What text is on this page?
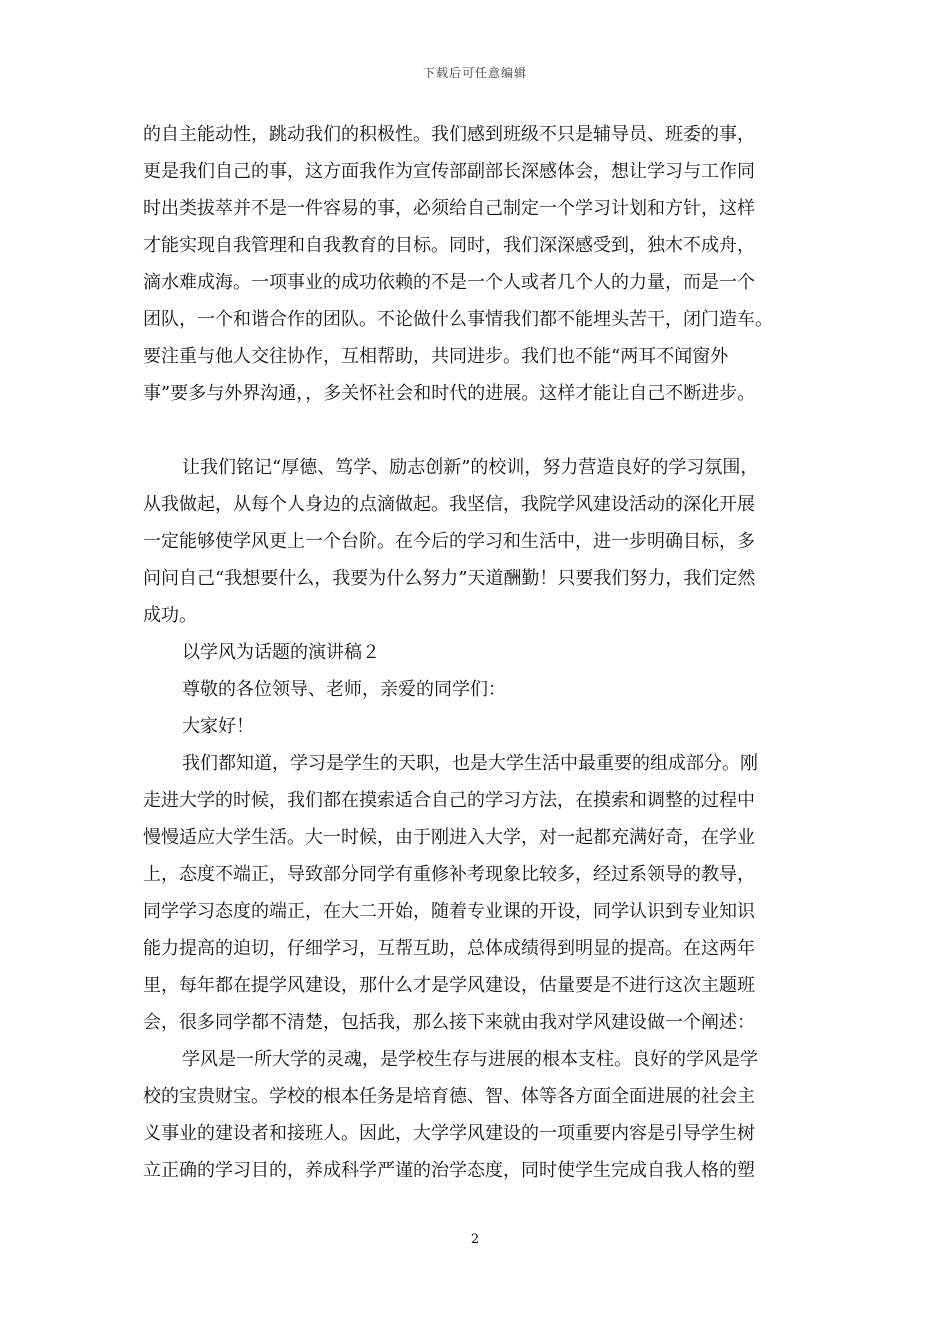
下载后可任意编辑

的自主能动性，跳动我们的积极性。我们感到班级不只是辅导员、班委的事，

更是我们自己的事，这方面我作为宣传部副部长深感体会，想让学习与工作同

时出类拔萃并不是一件容易的事，必须给自己制定一个学习计划和方针，这样

才能实现自我管理和自我教育的目标。同时，我们深深感受到，独木不成舟，

滴水难成海。一项事业的成功依赖的不是一个人或者几个人的力量，而是一个

团队，一个和谐合作的团队。不论做什么事情我们都不能埋头苦干，闭门造车。

要注重与他人交往协作，互相帮助，共同进步。我们也不能“两耳不闻窗外

事”要多与外界沟通，，多关怀社会和时代的进展。这样才能让自己不断进步。

让我们铭记“厚德、笃学、励志创新”的校训，努力营造良好的学习氛围，

从我做起，从每个人身边的点滴做起。我坚信，我院学风建设活动的深化开展

一定能够使学风更上一个台阶。在今后的学习和生活中，进一步明确目标，多

问问自己“我想要什么，我要为什么努力”天道酬勤！只要我们努力，我们定然

成功。

以学风为话题的演讲稿２

尊敬的各位领导、老师，亲爱的同学们：

大家好！

我们都知道，学习是学生的天职，也是大学生活中最重要的组成部分。刚

走进大学的时候，我们都在摸索适合自己的学习方法，在摸索和调整的过程中

慢慢适应大学生活。大一时候，由于刚进入大学，对一起都充满好奇，在学业

上，态度不端正，导致部分同学有重修补考现象比较多，经过系领导的教导，

同学学习态度的端正，在大二开始，随着专业课的开设，同学认识到专业知识

能力提高的迫切，仔细学习，互帮互助，总体成绩得到明显的提高。在这两年

里，每年都在提学风建设，那什么才是学风建设，估量要是不进行这次主题班

会，很多同学都不清楚，包括我，那么接下来就由我对学风建设做一个阐述：

学风是一所大学的灵魂，是学校生存与进展的根本支柱。良好的学风是学

校的宝贵财宝。学校的根本任务是培育德、智、体等各方面全面进展的社会主

义事业的建设者和接班人。因此，大学学风建设的一项重要内容是引导学生树

立正确的学习目的，养成科学严谨的治学态度，同时使学生完成自我人格的塑

2
